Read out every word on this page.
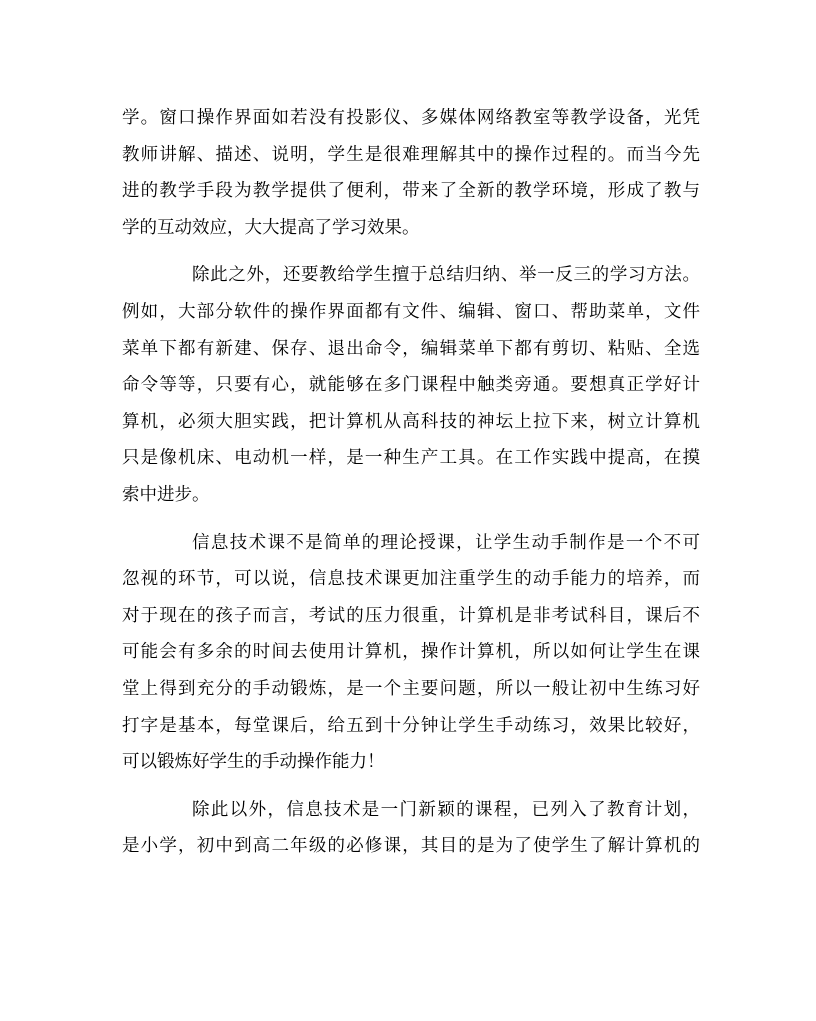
学。窗口操作界面如若没有投影仪、多媒体网络教室等教学设备，光凭
教师讲解、描述、说明，学生是很难理解其中的操作过程的。而当今先
进的教学手段为教学提供了便利，带来了全新的教学环境，形成了教与
学的互动效应，大大提高了学习效果。
除此之外，还要教给学生擅于总结归纳、举一反三的学习方法。
例如，大部分软件的操作界面都有文件、编辑、窗口、帮助菜单，文件
菜单下都有新建、保存、退出命令，编辑菜单下都有剪切、粘贴、全选
命令等等，只要有心，就能够在多门课程中触类旁通。要想真正学好计
算机，必须大胆实践，把计算机从高科技的神坛上拉下来，树立计算机
只是像机床、电动机一样，是一种生产工具。在工作实践中提高，在摸
索中进步。
信息技术课不是简单的理论授课，让学生动手制作是一个不可
忽视的环节，可以说，信息技术课更加注重学生的动手能力的培养，而
对于现在的孩子而言，考试的压力很重，计算机是非考试科目，课后不
可能会有多余的时间去使用计算机，操作计算机，所以如何让学生在课
堂上得到充分的手动锻炼，是一个主要问题，所以一般让初中生练习好
打字是基本，每堂课后，给五到十分钟让学生手动练习，效果比较好，
可以锻炼好学生的手动操作能力！
除此以外，信息技术是一门新颖的课程，已列入了教育计划，
是小学，初中到高二年级的必修课，其目的是为了使学生了解计算机的
